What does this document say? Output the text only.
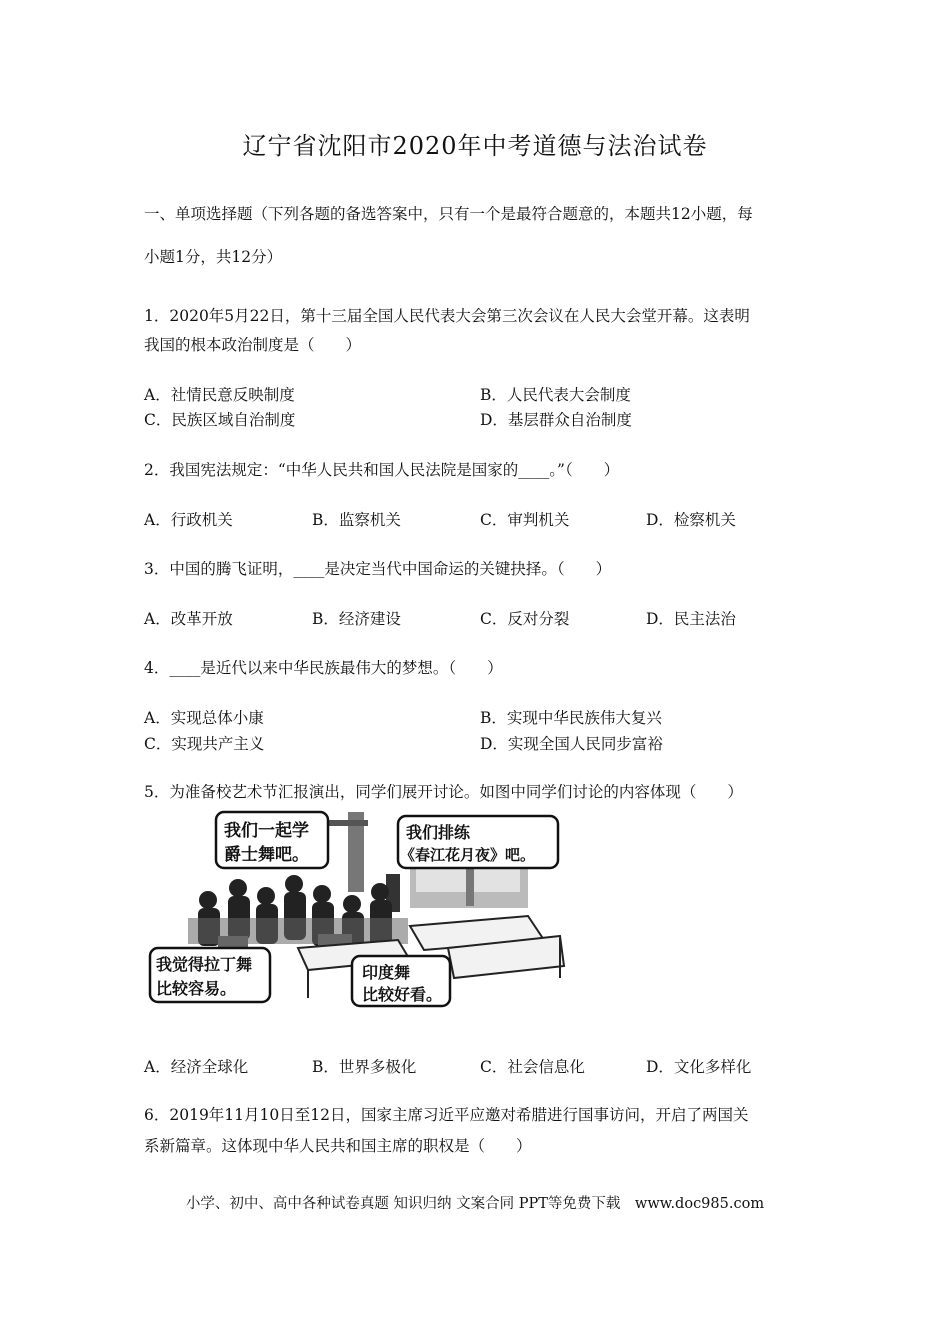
辽宁省沈阳市2020年中考道德与法治试卷
一、单项选择题（下列各题的备选答案中，只有一个是最符合题意的，本题共12小题，每
小题1分，共12分）
1．2020年5月22日，第十三届全国人民代表大会第三次会议在人民大会堂开幕。这表明
我国的根本政治制度是（　　）
A．社情民意反映制度	B．人民代表大会制度
C．民族区域自治制度	D．基层群众自治制度
2．我国宪法规定：“中华人民共和国人民法院是国家的____。”（　　）
A．行政机关	B．监察机关	C．审判机关	D．检察机关
3．中国的腾飞证明，____是决定当代中国命运的关键抉择。（　　）
A．改革开放	B．经济建设	C．反对分裂	D．民主法治
4．____是近代以来中华民族最伟大的梦想。（　　）
A．实现总体小康	B．实现中华民族伟大复兴
C．实现共产主义	D．实现全国人民同步富裕
5．为准备校艺术节汇报演出，同学们展开讨论。如图中同学们讨论的内容体现（　　）
我们一起学
爵士舞吧。
我们排练
《春江花月夜》吧。
我觉得拉丁舞
比较容易。
印度舞
比较好看。
A．经济全球化	B．世界多极化	C．社会信息化	D．文化多样化
6．2019年11月10日至12日，国家主席习近平应邀对希腊进行国事访问，开启了两国关
系新篇章。这体现中华人民共和国主席的职权是（　　）
小学、初中、高中各种试卷真题 知识归纳 文案合同 PPT等免费下载　www.doc985.com
